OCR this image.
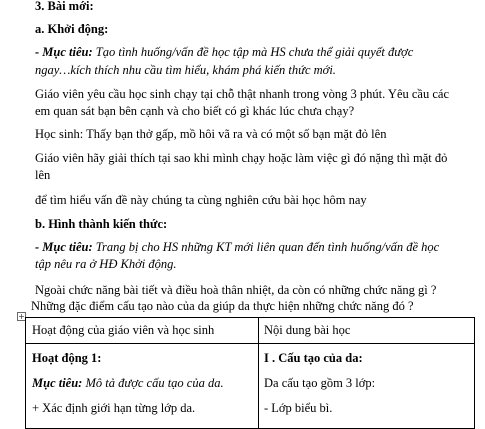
3. Bài mới:
a. Khởi động:
- Mục tiêu: Tạo tình huống/vấn đề học tập mà HS chưa thể giải quyết được
ngay…kích thích nhu cầu tìm hiểu, khám phá kiến thức mới.
Giáo viên yêu cầu học sinh chạy tại chỗ thật nhanh trong vòng 3 phút. Yêu cầu các
em quan sát bạn bên cạnh và cho biết có gì khác lúc chưa chạy?
Học sinh: Thấy bạn thở gấp, mồ hôi vã ra và có một số bạn mặt đỏ lên
Giáo viên hãy giải thích tại sao khi mình chạy hoặc làm việc gì đó nặng thì mặt đỏ
lên
để tìm hiểu vấn đề này chúng ta cùng nghiên cứu bài học hôm nay
b. Hình thành kiến thức:
- Mục tiêu: Trang bị cho HS những KT mới liên quan đến tình huống/vấn đề học
tập nêu ra ở HĐ Khởi động.
Ngoài chức năng bài tiết và điều hoà thân nhiệt, da còn có những chức năng gì ?
Những đặc điểm cấu tạo nào của da giúp da thực hiện những chức năng đó ?
+
Hoạt động của giáo viên và học sinh	Nội dung bài học
Hoạt động 1:	I . Cấu tạo của da:
Mục tiêu: Mô tả được cấu tạo của da.	Da cấu tạo gồm 3 lớp:
+ Xác định giới hạn từng lớp da.	- Lớp biểu bì.
